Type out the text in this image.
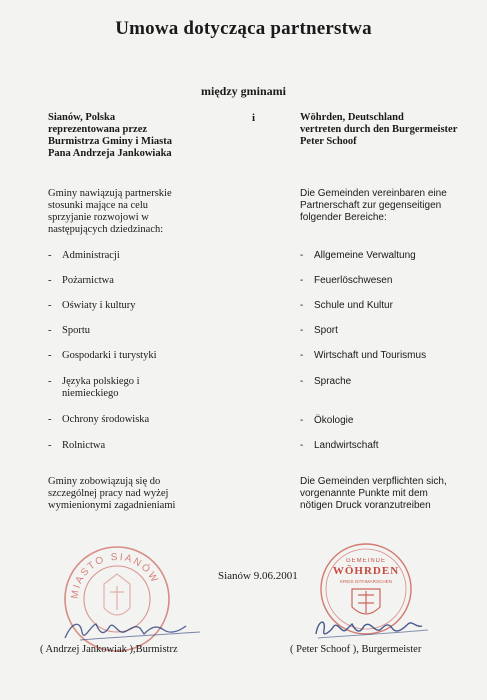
Umowa dotycząca partnerstwa
między gminami
Sianów, Polska
reprezentowana przez
Burmistrza Gminy i Miasta
Pana Andrzeja Jankowiaka
i	Wöhrden, Deutschland
vertreten durch den Burgermeister
Peter Schoof
Gminy nawiązują partnerskie
stosunki mające na celu
sprzyjanie rozwojowi w
następujących dziedzinach:
Die Gemeinden vereinbaren eine
Partnerschaft zur gegenseitigen
folgender Bereiche:
-	Administracji
-	Pożarnictwa
-	Oświaty i kultury
-	Sportu
-	Gospodarki i turystyki
-	Języka polskiego i
niemieckiego
-	Ochrony środowiska
-	Rolnictwa
-	Allgemeine Verwaltung
-	Feuerlöschwesen
-	Schule und Kultur
-	Sport
-	Wirtschaft und Tourismus
-	Sprache
-	Ökologie
-	Landwirtschaft
Gminy zobowiązują się do
szczególnej pracy nad wyżej
wymienionymi zagadnieniami
Die Gemeinden verpflichten sich,
vorgenannte Punkte mit dem
nötigen Druck voranzutreiben
MIASTO SIANÓW
GEMEINDE
WÖHRDEN
KREIS DITHMARSCHEN
Sianów 9.06.2001
( Andrzej Jankowiak ),Burmistrz	( Peter Schoof ), Burgermeister
